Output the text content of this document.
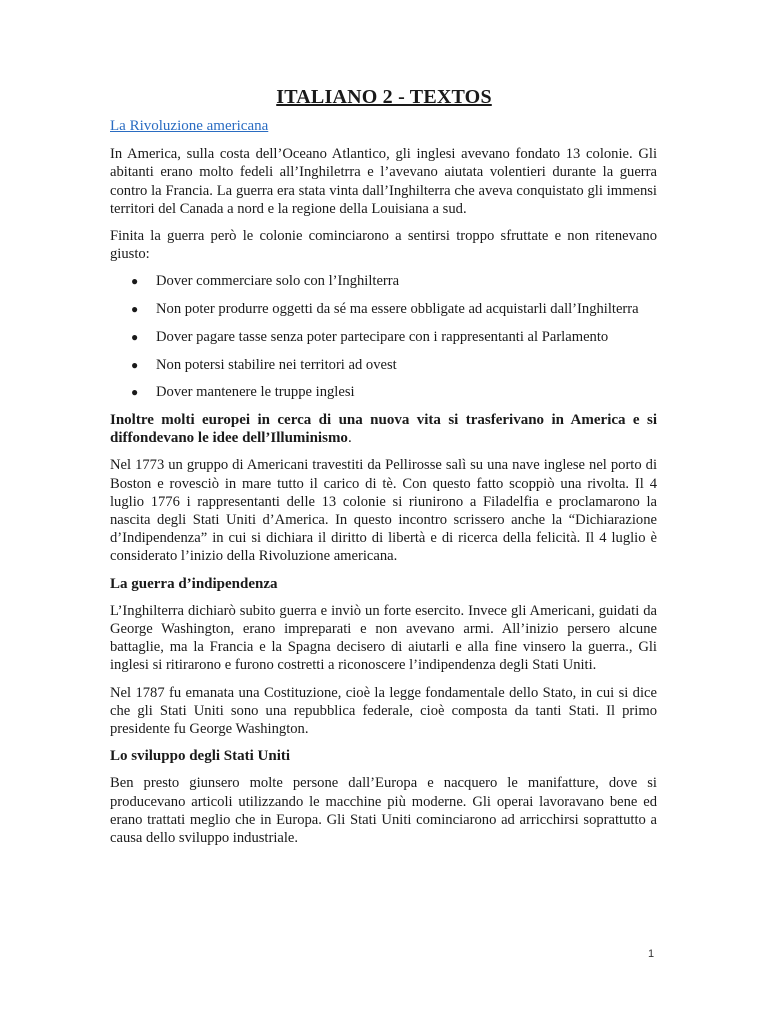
ITALIANO 2 - TEXTOS
La Rivoluzione americana

In America, sulla costa dell’Oceano Atlantico, gli inglesi avevano fondato 13 colonie. Gli abitanti erano molto fedeli all’Inghiletrra e l’avevano aiutata volentieri durante la guerra contro la Francia. La guerra era stata vinta dall’Inghilterra che aveva conquistato gli immensi territori del Canada a nord e la regione della Louisiana a sud.

Finita la guerra però le colonie cominciarono a sentirsi troppo sfruttate e non ritenevano giusto:

● Dover commerciare solo con l’Inghilterra
● Non poter produrre oggetti da sé ma essere obbligate ad acquistarli dall’Inghilterra
● Dover pagare tasse senza poter partecipare con i rappresentanti al Parlamento
● Non potersi stabilire nei territori ad ovest
● Dover mantenere le truppe inglesi
Inoltre molti europei in cerca di una nuova vita si trasferivano in America e si diffondevano le idee dell’Illuminismo.

Nel 1773 un gruppo di Americani travestiti da Pellirosse salì su una nave inglese nel porto di Boston e rovesciò in mare tutto il carico di tè. Con questo fatto scoppiò una rivolta. Il 4 luglio 1776 i rappresentanti delle 13 colonie si riunirono a Filadelfia e proclamarono la nascita degli Stati Uniti d’America. In questo incontro scrissero anche la “Dichiarazione d’Indipendenza” in cui si dichiara il diritto di libertà e di ricerca della felicità. Il 4 luglio è considerato l’inizio della Rivoluzione americana.

La guerra d’indipendenza

L’Inghilterra dichiarò subito guerra e inviò un forte esercito. Invece gli Americani, guidati da George Washington, erano impreparati e non avevano armi. All’inizio persero alcune battaglie, ma la Francia e la Spagna decisero di aiutarli e alla fine vinsero la guerra., Gli inglesi si ritirarono e furono costretti a riconoscere l’indipendenza degli Stati Uniti.

Nel 1787 fu emanata una Costituzione, cioè la legge fondamentale dello Stato, in cui si dice che gli Stati Uniti sono una repubblica federale, cioè composta da tanti Stati. Il primo presidente fu George Washington.

Lo sviluppo degli Stati Uniti

Ben presto giunsero molte persone dall’Europa e nacquero le manifatture, dove si producevano articoli utilizzando le macchine più moderne. Gli operai lavoravano bene ed erano trattati meglio che in Europa. Gli Stati Uniti cominciarono ad arricchirsi soprattutto a causa dello sviluppo industriale.

1
